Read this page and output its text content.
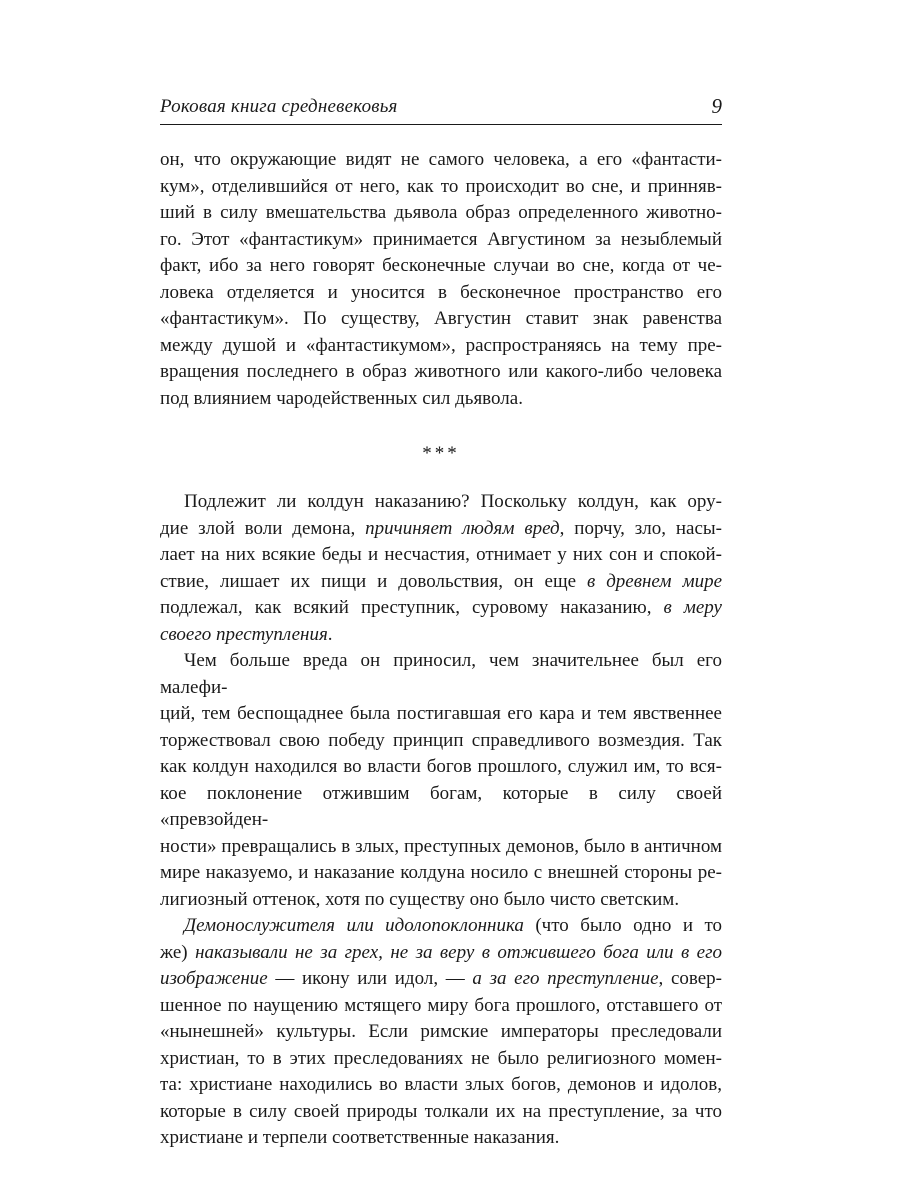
Роковая книга средневековья	9
он, что окружающие видят не самого человека, а его «фантасти-
кум», отделившийся от него, как то происходит во сне, и принняв-
ший в силу вмешательства дьявола образ определенного животно-
го. Этот «фантастикум» принимается Августином за незыблемый
факт, ибо за него говорят бесконечные случаи во сне, когда от че-
ловека отделяется и уносится в бесконечное пространство его
«фантастикум». По существу, Августин ставит знак равенства
между душой и «фантастикумом», распространяясь на тему пре-
вращения последнего в образ животного или какого-либо человека
под влиянием чародейственных сил дьявола.
***
Подлежит ли колдун наказанию? Поскольку колдун, как ору-
дие злой воли демона, причиняет людям вред, порчу, зло, насы-
лает на них всякие беды и несчастия, отнимает у них сон и спокой-
ствие, лишает их пищи и довольствия, он еще в древнем мире
подлежал, как всякий преступник, суровому наказанию, в меру
своего преступления.
Чем больше вреда он приносил, чем значительнее был его малефи-
ций, тем беспощаднее была постигавшая его кара и тем явственнее
торжествовал свою победу принцип справедливого возмездия. Так
как колдун находился во власти богов прошлого, служил им, то вся-
кое поклонение отжившим богам, которые в силу своей «превзойден-
ности» превращались в злых, преступных демонов, было в античном
мире наказуемо, и наказание колдуна носило с внешней стороны ре-
лигиозный оттенок, хотя по существу оно было чисто светским.
Демонослужителя или идолопоклонника (что было одно и то
же) наказывали не за грех, не за веру в отжившего бога или в его
изображение — икону или идол, — а за его преступление, совер-
шенное по наущению мстящего миру бога прошлого, отставшего от
«нынешней» культуры. Если римские императоры преследовали
христиан, то в этих преследованиях не было религиозного момен-
та: христиане находились во власти злых богов, демонов и идолов,
которые в силу своей природы толкали их на преступление, за что
христиане и терпели соответственные наказания.
